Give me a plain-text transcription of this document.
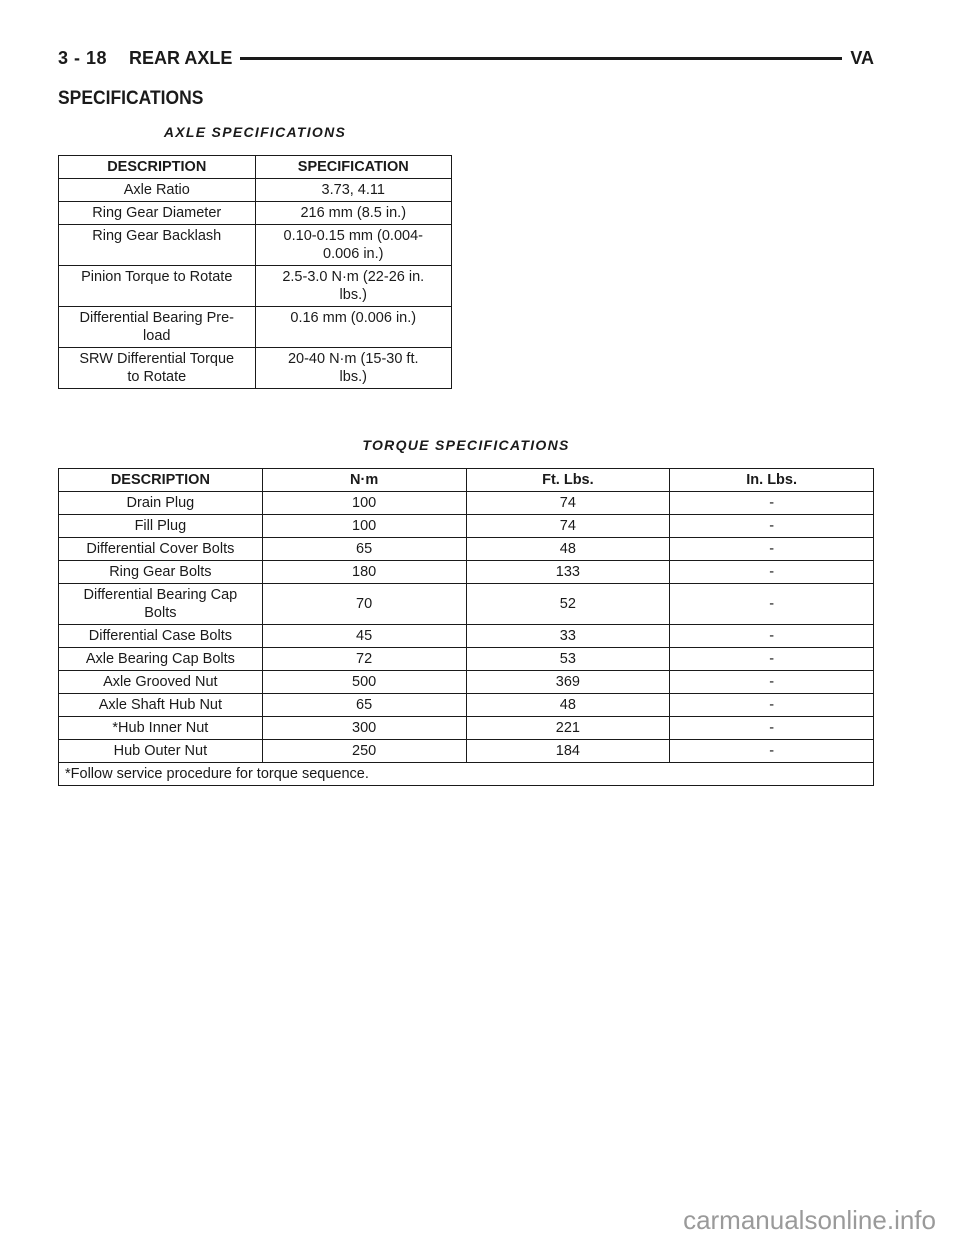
3 - 18 REAR AXLE	VA
SPECIFICATIONS
AXLE SPECIFICATIONS
DESCRIPTION	SPECIFICATION
Axle Ratio	3.73, 4.11
Ring Gear Diameter	216 mm (8.5 in.)
Ring Gear Backlash	0.10-0.15 mm (0.004-
0.006 in.)
Pinion Torque to Rotate	2.5-3.0 N·m (22-26 in.
lbs.)
Differential Bearing Pre-
load	0.16 mm (0.006 in.)
SRW Differential Torque
to Rotate	20-40 N·m (15-30 ft.
lbs.)
TORQUE SPECIFICATIONS
DESCRIPTION	N·m	Ft. Lbs.	In. Lbs.
Drain Plug	100	74	-
Fill Plug	100	74	-
Differential Cover Bolts	65	48	-
Ring Gear Bolts	180	133	-
Differential Bearing Cap
Bolts	70	52	-
Differential Case Bolts	45	33	-
Axle Bearing Cap Bolts	72	53	-
Axle Grooved Nut	500	369	-
Axle Shaft Hub Nut	65	48	-
*Hub Inner Nut	300	221	-
Hub Outer Nut	250	184	-
*Follow service procedure for torque sequence.			
carmanualsonline.info
